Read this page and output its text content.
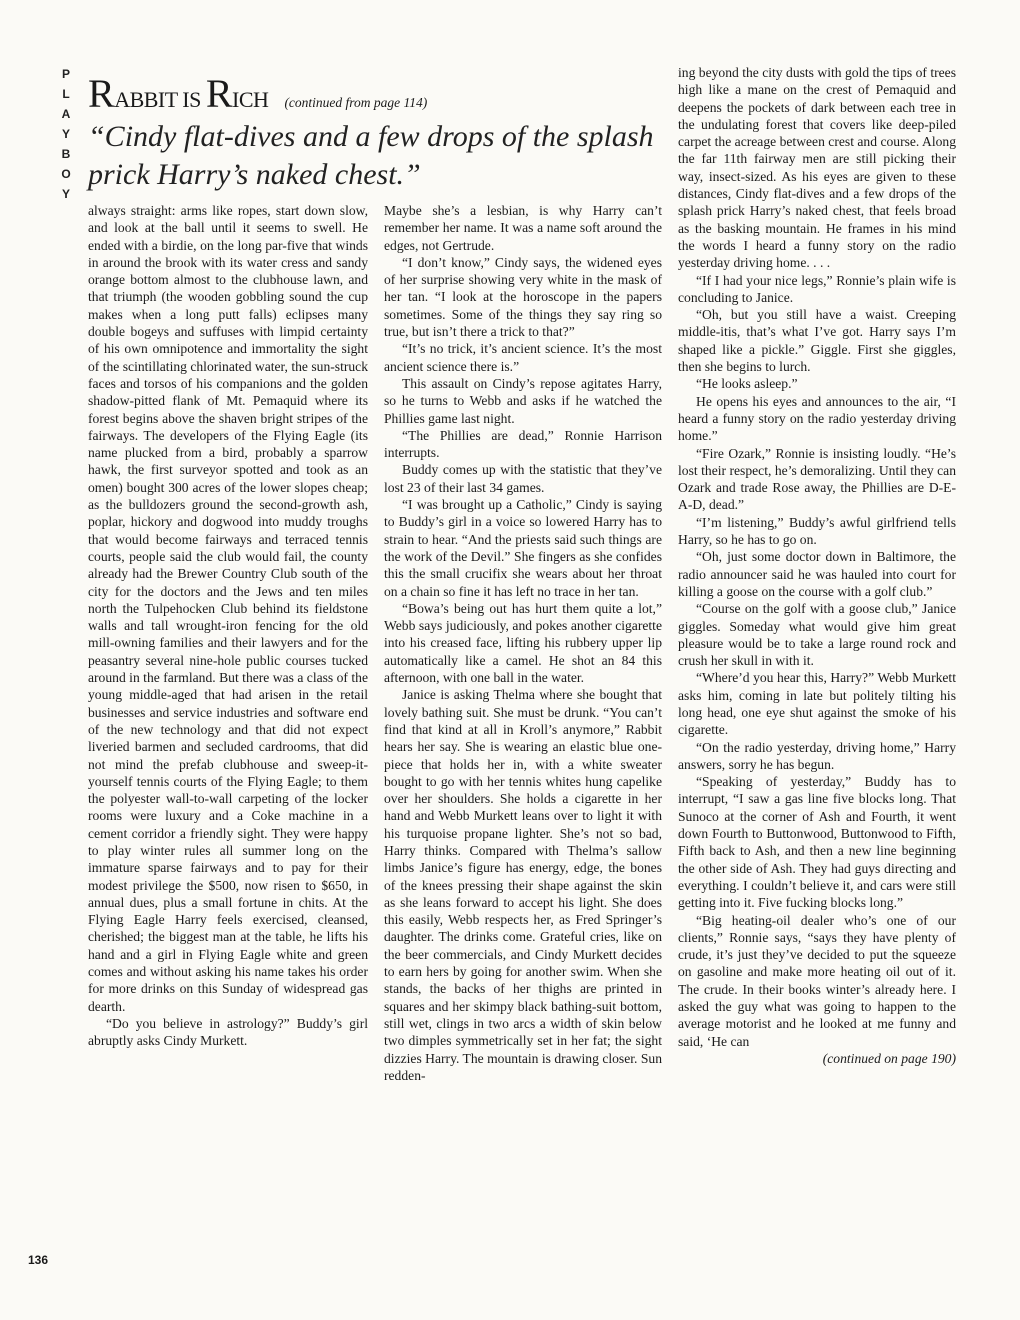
P
L
A
Y
B
O
Y
RABBIT IS RICH (continued from page 114)
“Cindy flat-dives and a few drops of the splash prick Harry’s naked chest.”

always straight: arms like ropes, start down slow, and look at the ball until it seems to swell. He ended with a birdie, on the long par-five that winds in around the brook with its water cress and sandy orange bottom almost to the clubhouse lawn, and that triumph (the wooden gobbling sound the cup makes when a long putt falls) eclipses many double bogeys and suffuses with limpid certainty of his own omnipotence and immortality the sight of the scintillating chlorinated water, the sun-struck faces and torsos of his companions and the golden shadow-pitted flank of Mt. Pemaquid where its forest begins above the shaven bright stripes of the fairways. The developers of the Flying Eagle (its name plucked from a bird, probably a sparrow hawk, the first surveyor spotted and took as an omen) bought 300 acres of the lower slopes cheap; as the bulldozers ground the second-growth ash, poplar, hickory and dogwood into muddy troughs that would become fairways and terraced tennis courts, people said the club would fail, the county already had the Brewer Country Club south of the city for the doctors and the Jews and ten miles north the Tulpehocken Club behind its fieldstone walls and tall wrought-iron fencing for the old mill-owning families and their lawyers and for the peasantry several nine-hole public courses tucked around in the farmland. But there was a class of the young middle-aged that had arisen in the retail businesses and service industries and software end of the new technology and that did not expect liveried barmen and secluded cardrooms, that did not mind the prefab clubhouse and sweep-it-yourself tennis courts of the Flying Eagle; to them the polyester wall-to-wall carpeting of the locker rooms were luxury and a Coke machine in a cement corridor a friendly sight. They were happy to play winter rules all summer long on the immature sparse fairways and to pay for their modest privilege the $500, now risen to $650, in annual dues, plus a small fortune in chits. At the Flying Eagle Harry feels exercised, cleansed, cherished; the biggest man at the table, he lifts his hand and a girl in Flying Eagle white and green comes and without asking his name takes his order for more drinks on this Sunday of widespread gas dearth.

“Do you believe in astrology?” Buddy’s girl abruptly asks Cindy Murkett.

Maybe she’s a lesbian, is why Harry can’t remember her name. It was a name soft around the edges, not Gertrude.

“I don’t know,” Cindy says, the widened eyes of her surprise showing very white in the mask of her tan. “I look at the horoscope in the papers sometimes. Some of the things they say ring so true, but isn’t there a trick to that?”

“It’s no trick, it’s ancient science. It’s the most ancient science there is.”

This assault on Cindy’s repose agitates Harry, so he turns to Webb and asks if he watched the Phillies game last night.

“The Phillies are dead,” Ronnie Harrison interrupts.

Buddy comes up with the statistic that they’ve lost 23 of their last 34 games.

“I was brought up a Catholic,” Cindy is saying to Buddy’s girl in a voice so lowered Harry has to strain to hear. “And the priests said such things are the work of the Devil.” She fingers as she confides this the small crucifix she wears about her throat on a chain so fine it has left no trace in her tan.

“Bowa’s being out has hurt them quite a lot,” Webb says judiciously, and pokes another cigarette into his creased face, lifting his rubbery upper lip automatically like a camel. He shot an 84 this afternoon, with one ball in the water.

Janice is asking Thelma where she bought that lovely bathing suit. She must be drunk. “You can’t find that kind at all in Kroll’s anymore,” Rabbit hears her say. She is wearing an elastic blue one-piece that holds her in, with a white sweater bought to go with her tennis whites hung capelike over her shoulders. She holds a cigarette in her hand and Webb Murkett leans over to light it with his turquoise propane lighter. She’s not so bad, Harry thinks. Compared with Thelma’s sallow limbs Janice’s figure has energy, edge, the bones of the knees pressing their shape against the skin as she leans forward to accept his light. She does this easily, Webb respects her, as Fred Springer’s daughter. The drinks come. Grateful cries, like on the beer commercials, and Cindy Murkett decides to earn hers by going for another swim. When she stands, the backs of her thighs are printed in squares and her skimpy black bathing-suit bottom, still wet, clings in two arcs a width of skin below two dimples symmetrically set in her fat; the sight dizzies Harry. The mountain is drawing closer. Sun redden-

ing beyond the city dusts with gold the tips of trees high like a mane on the crest of Pemaquid and deepens the pockets of dark between each tree in the undulating forest that covers like deep-piled carpet the acreage between crest and course. Along the far 11th fairway men are still picking their way, insect-sized. As his eyes are given to these distances, Cindy flat-dives and a few drops of the splash prick Harry’s naked chest, that feels broad as the basking mountain. He frames in his mind the words I heard a funny story on the radio yesterday driving home. . . .

“If I had your nice legs,” Ronnie’s plain wife is concluding to Janice.

“Oh, but you still have a waist. Creeping middle-itis, that’s what I’ve got. Harry says I’m shaped like a pickle.” Giggle. First she giggles, then she begins to lurch.

“He looks asleep.”

He opens his eyes and announces to the air, “I heard a funny story on the radio yesterday driving home.”

“Fire Ozark,” Ronnie is insisting loudly. “He’s lost their respect, he’s demoralizing. Until they can Ozark and trade Rose away, the Phillies are D-E-A-D, dead.”

“I’m listening,” Buddy’s awful girlfriend tells Harry, so he has to go on.

“Oh, just some doctor down in Baltimore, the radio announcer said he was hauled into court for killing a goose on the course with a golf club.”

“Course on the golf with a goose club,” Janice giggles. Someday what would give him great pleasure would be to take a large round rock and crush her skull in with it.

“Where’d you hear this, Harry?” Webb Murkett asks him, coming in late but politely tilting his long head, one eye shut against the smoke of his cigarette.

“On the radio yesterday, driving home,” Harry answers, sorry he has begun.

“Speaking of yesterday,” Buddy has to interrupt, “I saw a gas line five blocks long. That Sunoco at the corner of Ash and Fourth, it went down Fourth to Buttonwood, Buttonwood to Fifth, Fifth back to Ash, and then a new line beginning the other side of Ash. They had guys directing and everything. I couldn’t believe it, and cars were still getting into it. Five fucking blocks long.”

“Big heating-oil dealer who’s one of our clients,” Ronnie says, “says they have plenty of crude, it’s just they’ve decided to put the squeeze on gasoline and make more heating oil out of it. The crude. In their books winter’s already here. I asked the guy what was going to happen to the average motorist and he looked at me funny and said, ‘He can

(continued on page 190)

136
